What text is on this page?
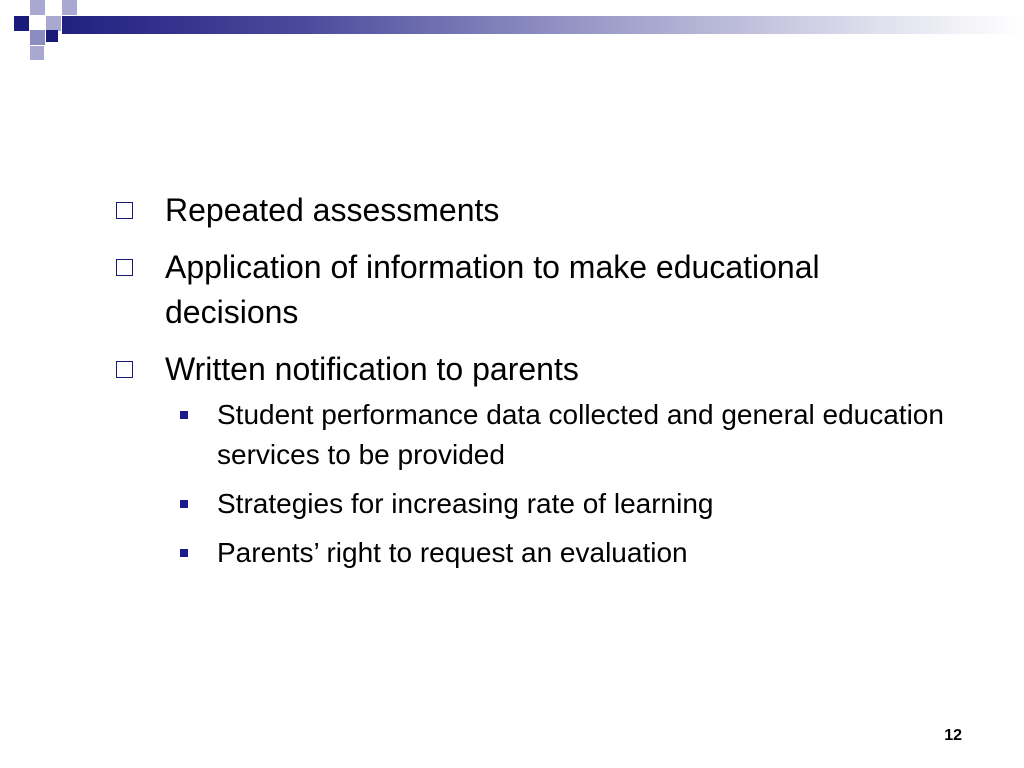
Repeated assessments
Application of information to make educational decisions
Written notification to parents
Student performance data collected and general education services to be provided
Strategies for increasing rate of learning
Parents’ right to request an evaluation
12
